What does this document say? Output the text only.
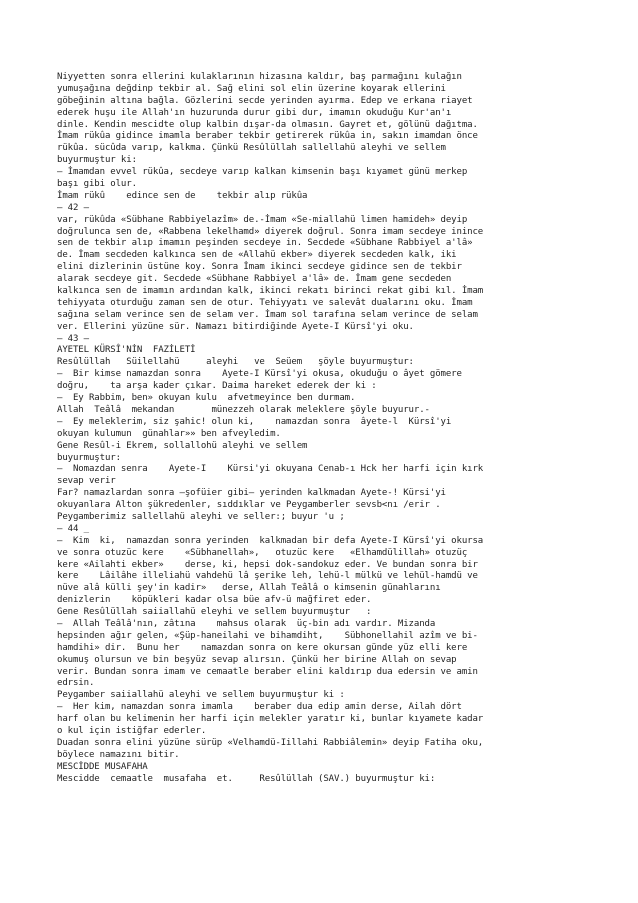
Niyyetten sonra ellerini kulaklarının hizasına kaldır, baş parmağını kulağın
yumuşağına değdinp tekbir al. Sağ elini sol elin üzerine koyarak ellerini
göbeğinin altına bağla. Gözlerini secde yerinden ayırma. Edep ve erkana riayet
ederek huşu ile Allah'ın huzurunda durur gibi dur, imamın okuduğu Kur'an'ı
dinle. Kendin mescidte olup kalbin dışar-da olmasın. Gayret et, gölünü dağıtma.
İmam rükûa gidince imamla beraber tekbir getirerek rükûa in, sakın imamdan önce
rükûa. sücûda varıp, kalkma. Çünkü Resûlüllah sallellahü aleyhi ve sellem
buyurmuştur ki:
— İmamdan evvel rükûa, secdeye varıp kalkan kimsenin başı kıyamet günü merkep
başı gibi olur.
İmam rükû    edince sen de    tekbir alıp rükûa
— 42 —
var, rükûda «Sübhane Rabbiyelazîm» de.-İmam «Se-miallahü limen hamideh» deyip
doğrulunca sen de, «Rabbena lekelhamd» diyerek doğrul. Sonra imam secdeye inince
sen de tekbir alıp imamın peşinden secdeye in. Secdede «Sübhane Rabbiyel a'lâ»
de. İmam secdeden kalkınca sen de «Allahü ekber» diyerek secdeden kalk, iki
elini dizlerinin üstüne koy. Sonra İmam ikinci secdeye gidince sen de tekbir
alarak secdeye git. Secdede «Sübhane Rabbiyel a'lâ» de. İmam gene secdeden
kalkınca sen de imamın ardından kalk, ikinci rekatı birinci rekat gibi kıl. İmam
tehiyyata oturduğu zaman sen de otur. Tehiyyatı ve salevât dualarını oku. İmam
sağına selam verince sen de selam ver. İmam sol tarafına selam verince de selam
ver. Ellerini yüzüne sür. Namazı bitirdiğinde Ayete-I Kürsî'yi oku.
— 43 —
AYETEL KÜRSÎ'NİN  FAZİLETİ
Resûlüllah   Süilellahü     aleyhi   ve  Seüem   şöyle buyurmuştur:
—  Bir kimse namazdan sonra    Ayete-I Kürsî'yi okusa, okuduğu o âyet gömere
doğru,    ta arşa kader çıkar. Daima hareket ederek der ki :
—  Ey Rabbim, ben» okuyan kulu  afvetmeyince ben durmam.
Allah  Teâlâ  mekandan       münezzeh olarak meleklere şöyle buyurur.-
—  Ey meleklerim, siz şahic! olun ki,    namazdan sonra  âyete-l  Kürsî'yi
okuyan kulumun  günahlar»» ben afveyledim.
Gene Resûl-i Ekrem, sollallohü aleyhi ve sellem
buyurmuştur:
—  Nomazdan senra    Ayete-I    Kürsi'yi okuyana Cenab-ı Hck her harfi için kırk
sevap verir
Far? namazlardan sonra —şofüier gibi— yerinden kalkmadan Ayete-! Kürsi'yi
okuyanlara Alton şükredenler, sıddıklar ve Peygamberler sevsb<nı /erir .
Peygamberimiz sallellahü aleyhi ve seller:; buyur 'u ;
— 44 _
—  Kim  ki,  namazdan sonra yerinden  kalkmadan bir defa Ayete-I Kürsî'yi okursa
ve sonra otuzüc kere    «Sübhanellah»,   otuzüc kere   «Elhamdülillah» otuzüç
kere «Ailahti ekber»    derse, ki, hepsi dok-sandokuz eder. Ve bundan sonra bir
kere    Lâilâhe illeliahü vahdehü lâ şerike leh, lehü-l mülkü ve lehül-hamdü ve
nüve alâ külli şey'in kadir»   derse, Allah Teâlâ o kimsenin günahlarını
denizlerin    köpükleri kadar olsa büe afv-ü mağfiret eder.
Gene Resûlüllah saiiallahü eleyhi ve sellem buyurmuştur   :
—  Allah Teâlâ'nın, zâtına    mahsus olarak  üç-bin adı vardır. Mizanda
hepsinden ağır gelen, «Şüp-haneilahi ve bihamdiht,    Sübhonellahil azîm ve bi-
hamdihi» dir.  Bunu her    namazdan sonra on kere okursan günde yüz elli kere
okumuş olursun ve bin beşyüz sevap alırsın. Çünkü her birine Allah on sevap
verir. Bundan sonra imam ve cemaatle beraber elini kaldırıp dua edersin ve amin
edrsin.
Peygamber saiiallahü aleyhi ve sellem buyurmuştur ki :
—  Her kim, namazdan sonra imamla    beraber dua edip amin derse, Ailah dört
harf olan bu kelimenin her harfi için melekler yaratır ki, bunlar kıyamete kadar
o kul için istiğfar ederler.
Duadan sonra elini yüzüne sürüp «Velhamdü-Iillahi Rabbiâlemin» deyip Fatiha oku,
böylece namazını bitir.
MESCİDDE MUSAFAHA
Mescidde  cemaatle  musafaha  et.     Resûlüllah (SAV.) buyurmuştur ki:
